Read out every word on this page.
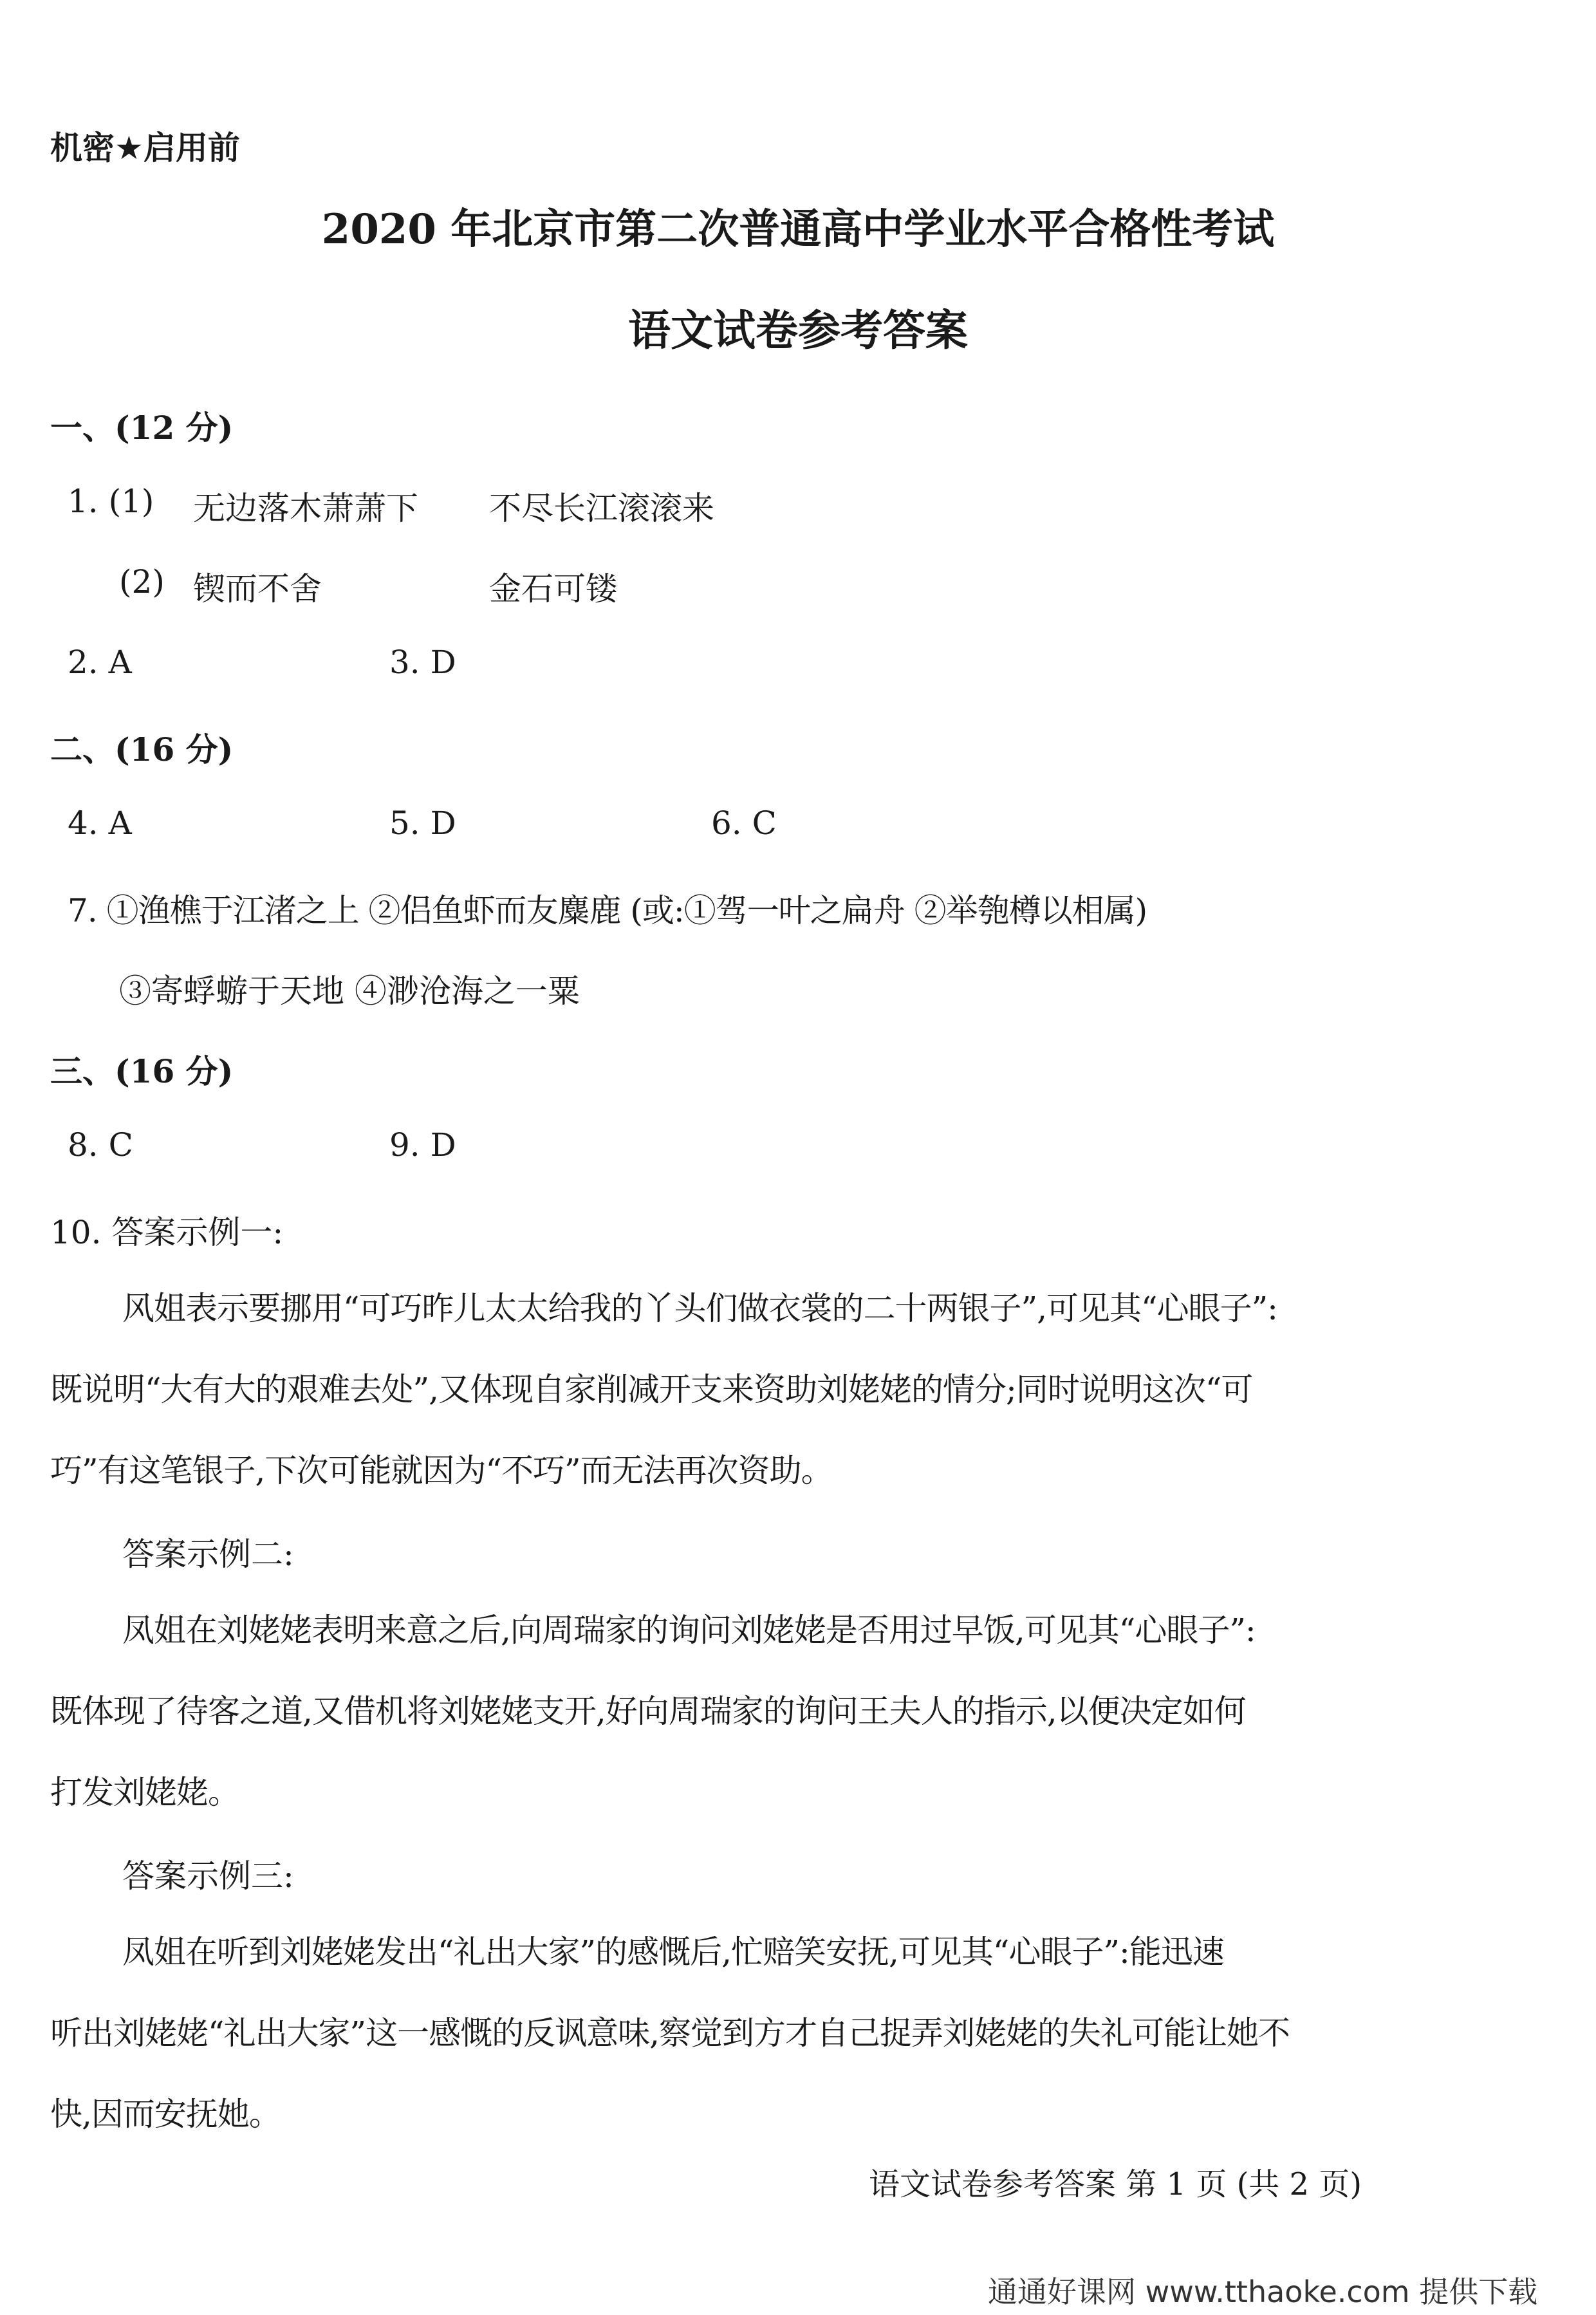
机密★启用前
2020 年北京市第二次普通高中学业水平合格性考试
语文试卷参考答案
一、(12 分)
1. (1) 无边落木萧萧下 不尽长江滚滚来
(2) 锲而不舍	金石可镂
2. A	3. D
二、(16 分)
4. A	5. D	6. C
7. ①渔樵于江渚之上 ②侣鱼虾而友麋鹿 (或:①驾一叶之扁舟 ②举匏樽以相属)
③寄蜉蝣于天地 ④渺沧海之一粟
三、(16 分)
8. C	9. D
10. 答案示例一:
风姐表示要挪用“可巧昨儿太太给我的丫头们做衣裳的二十两银子”,可见其“心眼子”:
既说明“大有大的艰难去处”,又体现自家削减开支来资助刘姥姥的情分;同时说明这次“可
巧”有这笔银子,下次可能就因为“不巧”而无法再次资助。
答案示例二:
凤姐在刘姥姥表明来意之后,向周瑞家的询问刘姥姥是否用过早饭,可见其“心眼子”:
既体现了待客之道,又借机将刘姥姥支开,好向周瑞家的询问王夫人的指示,以便决定如何
打发刘姥姥。
答案示例三:
凤姐在听到刘姥姥发出“礼出大家”的感慨后,忙赔笑安抚,可见其“心眼子”:能迅速
听出刘姥姥“礼出大家”这一感慨的反讽意味,察觉到方才自己捉弄刘姥姥的失礼可能让她不
快,因而安抚她。
语文试卷参考答案 第 1 页 (共 2 页)
通通好课网 www.tthaoke.com 提供下载
